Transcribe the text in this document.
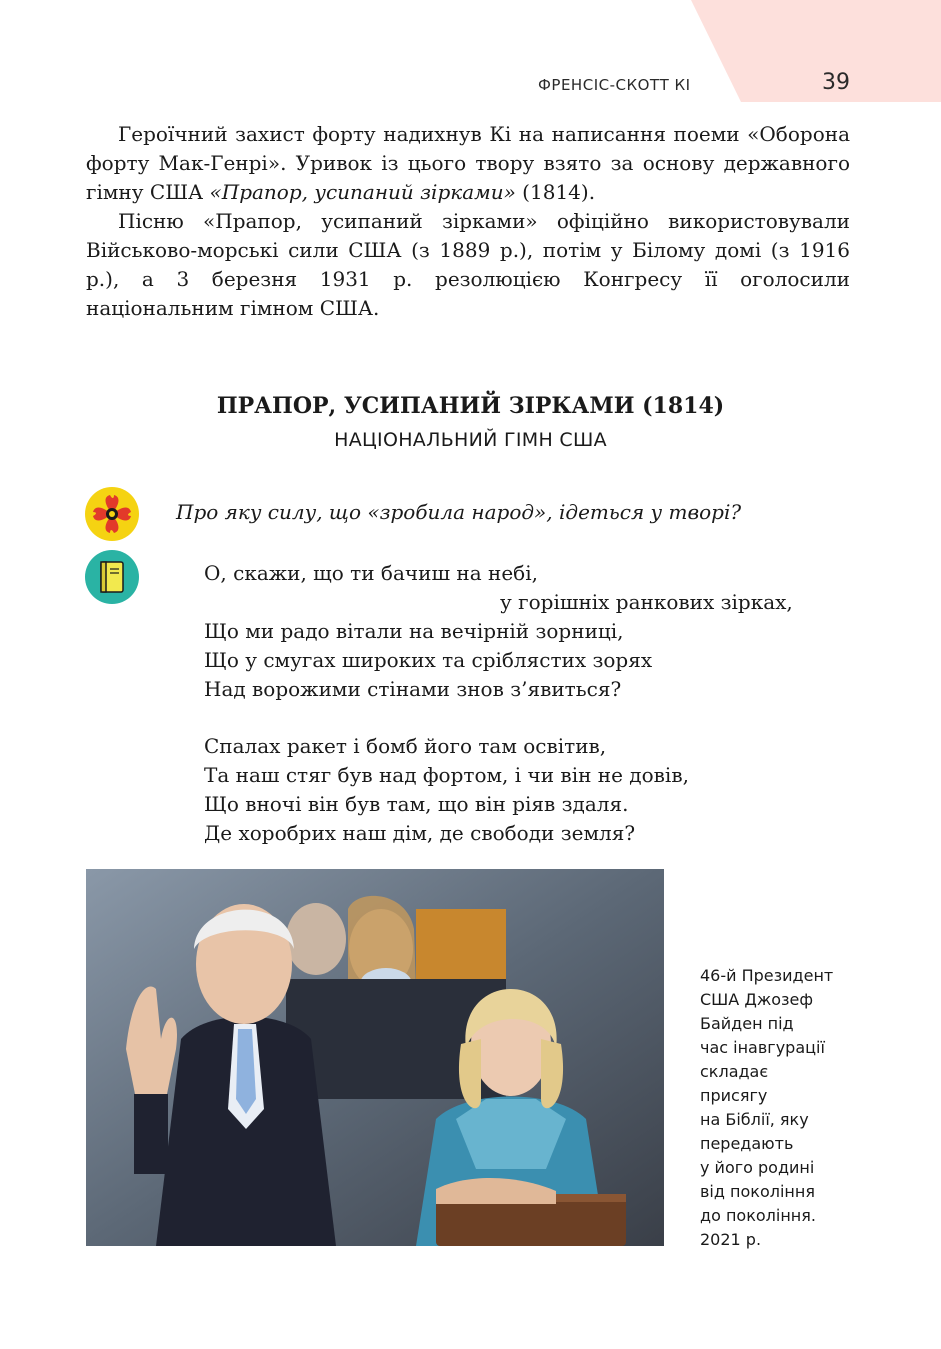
ФРЕНСІС-СКОТТ КІ	39

Героїчний захист форту надихнув Кі на написання поеми «Оборона форту Мак-Генрі». Уривок із цього твору взято за основу державного гімну США «Прапор, усипаний зірками» (1814).

Пісню «Прапор, усипаний зірками» офіційно використовували Військово-морські сили США (з 1889 р.), потім у Білому домі (з 1916 р.), а 3 березня 1931 р. резолюцією Конгресу її оголосили національним гімном США.

ПРАПОР, УСИПАНИЙ ЗІРКАМИ (1814)
НАЦІОНАЛЬНИЙ ГІМН США
Про яку силу, що «зробила народ», ідеться у творі?
О, скажи, що ти бачиш на небі,
у горішніх ранкових зірках,
Що ми радо вітали на вечірній зорниці,
Що у смугах широких та сріблястих зорях
Над ворожими стінами знов з’явиться?
Спалах ракет і бомб його там освітив,
Та наш стяг був над фортом, і чи він не довів,
Що вночі він був там, що він ріяв здаля.
Де хоробрих наш дім, де свободи земля?
46-й Президент
США Джозеф
Байден під
час інавгурації
складає
присягу
на Біблії, яку
передають
у його родині
від покоління
до покоління.
2021 р.
